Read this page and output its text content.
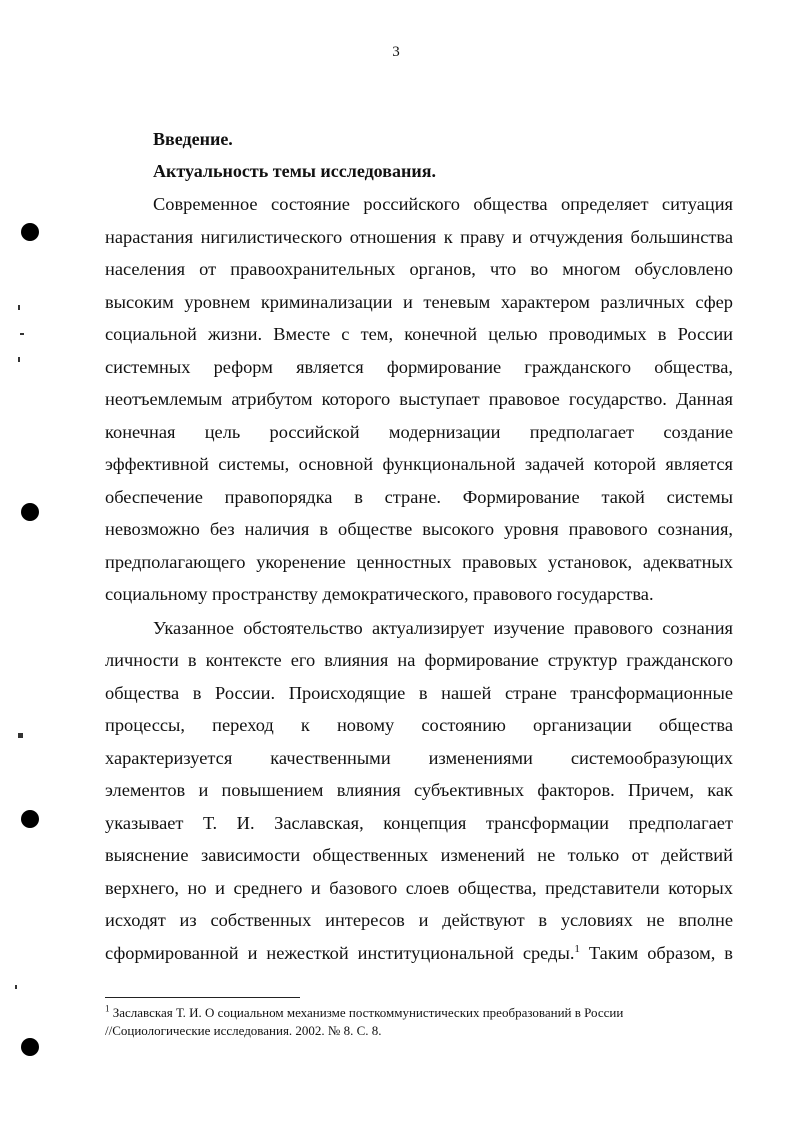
3
Введение.
Актуальность темы исследования.
Современное состояние российского общества определяет ситуация
нарастания нигилистического отношения к праву и отчуждения большинства
населения от правоохранительных органов, что во многом обусловлено
высоким уровнем криминализации и теневым характером различных сфер
социальной жизни. Вместе с тем, конечной целью проводимых в России
системных реформ является формирование гражданского общества,
неотъемлемым атрибутом которого выступает правовое государство. Данная
конечная цель российской модернизации предполагает создание
эффективной системы, основной функциональной задачей которой является
обеспечение правопорядка в стране. Формирование такой системы
невозможно без наличия в обществе высокого уровня правового сознания,
предполагающего укоренение ценностных правовых установок, адекватных
социальному пространству демократического, правового государства.
Указанное обстоятельство актуализирует изучение правового сознания
личности в контексте его влияния на формирование структур гражданского
общества в России. Происходящие в нашей стране трансформационные
процессы, переход к новому состоянию организации общества
характеризуется качественными изменениями системообразующих
элементов и повышением влияния субъективных факторов. Причем, как
указывает Т. И. Заславская, концепция трансформации предполагает
выяснение зависимости общественных изменений не только от действий
верхнего, но и среднего и базового слоев общества, представители которых
исходят из собственных интересов и действуют в условиях не вполне
сформированной и нежесткой институциональной среды.$^1$ Таким образом, в
$^1$ Заславская Т. И. О социальном механизме посткоммунистических преобразований в России
//Социологические исследования. 2002. № 8. С. 8.
